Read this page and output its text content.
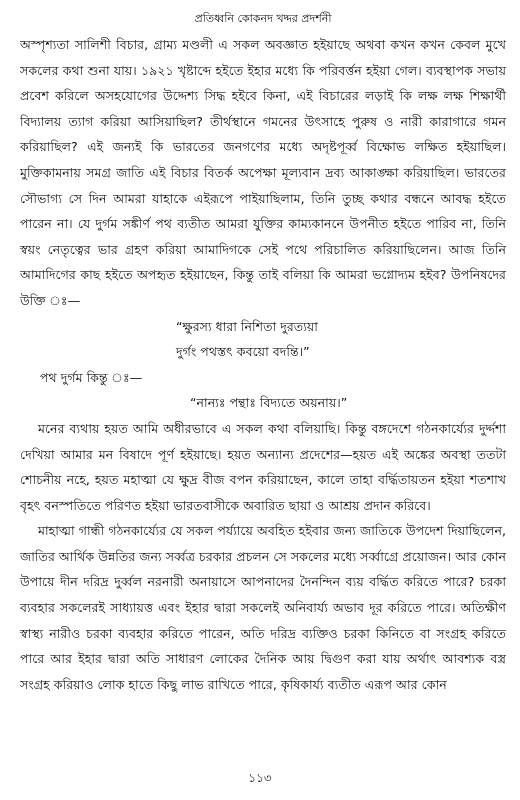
প্রতিধ্বনি কোকনদ খদ্দর প্রদর্শনী

অস্পৃশ্যতা সালিশী বিচার, গ্রাম্য মণ্ডলী এ সকল অবজ্ঞাত হইয়াছে অথবা কখন কখন কেবল মুখে সকলের কথা শুনা যায়। ১৯২১ খৃষ্টাব্দে হইতে ইহার মধ্যে কি পরিবর্ত্তন হইয়া গেল। ব্যবস্থাপক সভায় প্রবেশ করিলে অসহযোগের উদ্দেশ্য সিদ্ধ হইবে কিনা, এই বিচারের লড়াই কি লক্ষ লক্ষ শিক্ষার্থী বিদ্যালয় ত্যাগ করিয়া আসিয়াছিল? তীর্থস্থানে গমনের উৎসাহে পুরুষ ও নারী কারাগারে গমন করিয়াছিল? এই জন্যই কি ভারতের জনগণের মধ্যে অদৃষ্টপূর্ব্ব বিক্ষোভ লক্ষিত হইয়াছিল। মুক্তিকামনায় সমগ্র জাতি এই বিচার বিতর্ক অপেক্ষা মূল্যবান দ্রব্য আকাঙ্ক্ষা করিয়াছিল। ভারতের সৌভাগ্য সে দিন আমরা যাহাকে এইরূপে পাইয়াছিলাম, তিনি তুচ্ছ কথার বন্ধনে আবদ্ধ হইতে পারেন না। যে দুর্গম সঙ্কীর্ণ পথ ব্যতীত আমরা যুক্তির কাম্যকাননে উপনীত হইতে পারিব না, তিনি স্বয়ং নেতৃত্বের ভার গ্রহণ করিয়া আমাদিগকে সেই পথে পরিচালিত করিয়াছিলেন। আজ তিনি আমাদিগের কাছ হইতে অপহৃত হইয়াছেন, কিন্তু তাই বলিয়া কি আমরা ভগ্নোদ্যম হইব? উপনিষদের উক্তি ঃ—

“ক্ষুরস্য ধারা নিশিতা দুরত্যয়া

দুর্গং পথস্তৎ কবয়ো বদন্তি।”

পথ দুর্গম কিন্তু ঃ—

“নান্যঃ পন্থাঃ বিদ্যতে অয়নায়।”

মনের ব্যথায় হয়ত আমি অধীরভাবে এ সকল কথা বলিয়াছি। কিন্তু বঙ্গদেশে গঠনকার্য্যের দুর্দ্দশা দেখিয়া আমার মন বিষাদে পূর্ণ হইয়াছে। হয়ত অন্যান্য প্রদেশের—হয়ত এই অঙ্কের অবস্থা ততটা শোচনীয় নহে, হয়ত মহাত্মা যে ক্ষুদ্র বীজ বপন করিয়াছেন, কালে তাহা বর্দ্ধিতায়তন হইয়া শতশাখ বৃহৎ বনস্পতিতে পরিণত হইয়া ভারতবাসীকে অবারিত ছায়া ও আশ্রয় প্রদান করিবে।

মাহাত্মা গান্ধী গঠনকার্য্যের যে সকল পর্য্যায়ে অবহিত হইবার জন্য জাতিকে উপদেশ দিয়াছিলেন, জাতির আর্থিক উন্নতির জন্য সর্ব্বত্র চরকার প্রচলন সে সকলের মধ্যে সর্ব্বাগ্রে প্রয়োজন। আর কোন উপায়ে দীন দরিদ্র দুর্ব্বল নরনারী অনায়াসে আপনাদের দৈনন্দিন ব্যয় বর্দ্ধিত করিতে পারে? চরকা ব্যবহার সকলেরই সাধ্যায়ত্ত এবং ইহার দ্বারা সকলেই অনিবার্য্য অভাব দূর করিতে পারে। অতিক্ষীণ স্বাস্থ্য নারীও চরকা ব্যবহার করিতে পারেন, অতি দরিদ্র ব্যক্তিও চরকা কিনিতে বা সংগ্রহ করিতে পারে আর ইহার দ্বারা অতি সাধারণ লোকের দৈনিক আয় দ্বিগুণ করা যায় অর্থাৎ আবশ্যক বস্ত্র সংগ্রহ করিয়াও লোক হাতে কিছু লাভ রাখিতে পারে, কৃষিকার্য্য ব্যতীত এরূপ আর কোন

১১৩
